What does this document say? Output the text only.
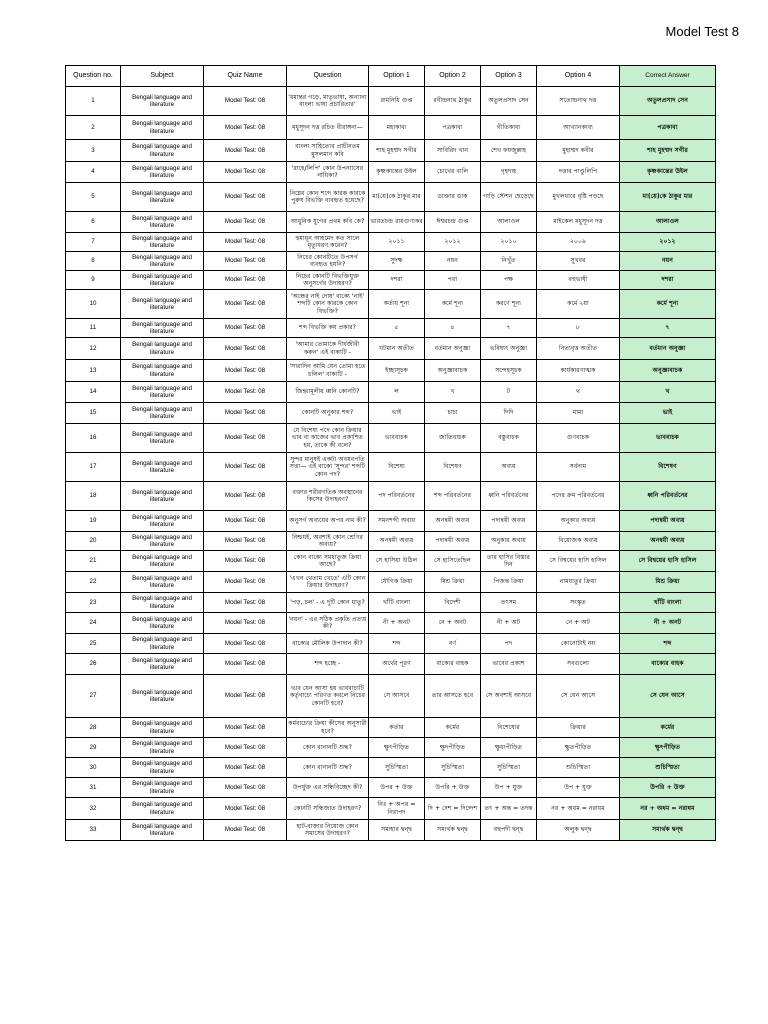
Model Test 8
Question no.	Subject	Quiz Name	Question	Option 1	Option 2	Option 3	Option 4	Correct Answer
1	Bengali language and literature	Model Test: 08	'ধমান্তর গড়ে, মাতৃভাষা, অন্যান্য বাংলা ভাষা প্রচারিতার'	রামনিধি গুপ্ত	রবীন্দ্রনাথ ঠাকুর	অতুলপ্রসাদ সেন	সত্যেন্দ্রনাথ দত্ত	অতুলপ্রসাদ সেন
2	Bengali language and literature	Model Test: 08	মধুসূদন দত্ত রচিত বীরাঙ্গনা—	মহাকাব্য	পত্রকাব্য	গীতিকাব্য	আখ্যানকাব্য	পত্রকাব্য
3	Bengali language and literature	Model Test: 08	বাংলা সাহিত্যের প্রাচীনতম মুসলমান কবি	শাহ মুহম্মদ সগীর	সাবিরিদ খান	শেখ ফয়জুল্লাহ	মুহাম্মদ কবীর	শাহ মুহম্মদ সগীর
4	Bengali language and literature	Model Test: 08	'রাহে/লিপি' কোন উপন্যাসের নায়িকা?	কৃষ্ণকান্তের উইল	চোখের বালি	গৃহদাহ	দত্তার পাণ্ডুলিপি	কৃষ্ণকান্তের উইল
5	Bengali language and literature	Model Test: 08	নিম্নের কোন শব্দে কারক কারকে পুরুষ বিভক্তি ব্যবহৃত হয়েছে?	মা(য়ে)কে ঠাকুর মার	ডাক্তার ডাক	গাড়ি স্টেশন ছেড়েছে	মুখলধারে বৃষ্টি পড়ছে	মা(য়ে)কে ঠাকুর মার
6	Bengali language and literature	Model Test: 08	আধুনিক যুগের প্রথম কবি কে?	ভারতচন্দ্র রায়গুণাকর	ঈশ্বরচন্দ্র গুপ্ত	আলাওল	মাইকেল মধুসূদন দত্ত	আলাওল
7	Bengali language and literature	Model Test: 08	হুমায়ূন আহমেদ কত সালে মৃত্যুবরণ করেন?	২০১১	২০১২	২০১০	২০০৯	২০১২
8	Bengali language and literature	Model Test: 08	নিচের কোনটিতে উপসর্গ ব্যবহৃত হয়নি?	সুদক্ষ	নয়ন	নিখুঁত	সুখবর	নয়ন
9	Bengali language and literature	Model Test: 08	নিচের কোনটি বিভক্তিযুক্ত অনুসর্গের উদাহরণ?	দশরা	পরা	পক্ষ	বহুভাষী	দশরা
10	Bengali language and literature	Model Test: 08	'অন্ধের নাই দোষ' বাক্যে 'নাই' শব্দটি কোন কারকে কোন বিভক্তি?	কর্তায় শূন্য	কর্মে শূন্য	করণে শূন্য	কর্মে ২য়া	কর্মে শূন্য
11	Bengali language and literature	Model Test: 08	শব্দ বিভক্তি কয় প্রকার?	৫	৪	৭	৮	৭
12	Bengali language and literature	Model Test: 08	'আমার তোমাকে দীর্ঘজীবী করুন' এই বাক্যটি -	ঘটমান অতীত	বর্তমান অনুজ্ঞা	ভবিষ্যৎ অনুজ্ঞা	নিত্যবৃত্ত অতীত	বর্তমান অনুজ্ঞা
13	Bengali language and literature	Model Test: 08	'সারাদিন আমি যেন তোমা হতে চলিল' বাক্যটি -	ইচ্ছাসূচক	অনুজ্ঞাবাচক	সন্দেহসূচক	কার্যকারণাত্মক	অনুজ্ঞাবাচক
14	Bengali language and literature	Model Test: 08	জিহ্বামূলীয় ধ্বনি কোনটি?	ল	খ	ট	থ	খ
15	Bengali language and literature	Model Test: 08	কোনটি অনুকার শব্দ?	ভাই	চাচা	দিদি	মামা	ভাই
16	Bengali language and literature	Model Test: 08	যে বিশেষ্য পদে কোন ক্রিয়ার ভাব বা কাজের ভাব প্রকাশিত হয়, তাকে কী বলে?	ভাববাচক	জাতিবাচক	বস্তুবাচক	গুণবাচক	ভাববাচক
17	Bengali language and literature	Model Test: 08	সুন্দর মানুষই একটা অবয়বপতি সত্তা— এই বাক্যে 'সুন্দর' শব্দটি কোন পদ?	বিশেষ্য	বিশেষণ	অব্যয়	সর্বনাম	বিশেষণ
18	Bengali language and literature	Model Test: 08	বক্তার শরীরগতিক অবস্থানের কিসের উদাহরণ?	পদ পরিবর্তনের	শব্দ পরিবর্তনের	ধ্বনি পরিবর্তনের	পদের ক্রম পরিবর্তনের	ধ্বনি পরিবর্তনের
19	Bengali language and literature	Model Test: 08	অনুসর্গ অব্যয়ের অপর নাম কী?	সমনশব্দী অব্যয়	অনন্বয়ী অব্যয়	পদান্বয়ী অব্যয়	অনুকার অব্যয়	পদান্বয়ী অব্যয়
20	Bengali language and literature	Model Test: 08	নিশ্চয়ই, অবশ্যই কোন শ্রেণির অব্যয়?	অনন্বয়ী অব্যয়	পদান্বয়ী অব্যয়	অনুকার অব্যয়	বিয়োজক অব্যয়	অনন্বয়ী অব্যয়
21	Bengali language and literature	Model Test: 08	কোন বাক্যে সমধাতুজ ক্রিয়া আছে?	সে হাসিয়া উঠিল	সে হাসিতেছিল	তার হাসির বিস্তার দিন	সে বিশ্বয়ের হাসি হাসিল	সে বিশ্বয়ের হাসি হাসিল
22	Bengali language and literature	Model Test: 08	'এখন থেতাম খেতে' এটি কোন ক্রিয়ার উদাহরণ?	যৌগিক ক্রিয়া	মিশ্র ক্রিয়া	পিজন্ত ক্রিয়া	নামধাতুর ক্রিয়া	মিশ্র ক্রিয়া
23	Bengali language and literature	Model Test: 08	'পড়, চল' - এ দুটি কোন ধাতু?	খাঁটি বাংলা	বিদেশী	তৎসম	সংস্কৃত	খাঁটি বাংলা
24	Bengali language and literature	Model Test: 08	'নয়ন' - এর সঠিক প্রকৃতি প্রত্যয় কী?	নী + অনট	নে + অনট	নী + অট	নে + অট	নী + অনট
25	Bengali language and literature	Model Test: 08	বাক্যের মৌলিক উপাদান কী?	শব্দ	বর্ণ	পদ	কোনোটাই নয়	শব্দ
26	Bengali language and literature	Model Test: 08	শব্দ হচ্ছে -	অর্থের পূরণ	বাক্যের বাহক	ভাবের প্রকাশ	সবগুলো	বাক্যের বাহক
27	Bengali language and literature	Model Test: 08	ভাব যেন আসা হয় ভাববাচ্যটি কর্তৃবাচ্যে পরিণত করলে নিচের কোনটি হবে?	সে আসবে	তার আসতে হবে	সে অবশ্যই আসবে	সে যেন আসে	সে যেন আসে
28	Bengali language and literature	Model Test: 08	কর্মবাচ্যের ক্রিয়া কীসের অনুসারী হবে?	কর্তার	কর্মের	বিশেষ্যের	ক্রিয়ার	কর্মের
29	Bengali language and literature	Model Test: 08	কোন বানানটি শুদ্ধ?	ক্ষুৎপীড়িত	ক্ষুদপীড়িত	ক্ষুধাপীড়িত	ক্ষুতপীড়িত	ক্ষুৎপীড়িত
30	Bengali language and literature	Model Test: 08	কোন বানানটি শুদ্ধ?	সুচিস্মিতা	সুচিস্মিতা	সুচিস্মিতা	শুচিস্মিতা	শুচিস্মিতা
31	Bengali language and literature	Model Test: 08	উপর্যুক্ত এর সন্ধিবিচ্ছেদ কী?	উপর + উক্ত	উপরি + উক্ত	উপ + যুক্ত	উপ + যুক্ত	উপরি + উক্ত
32	Bengali language and literature	Model Test: 08	কোনটি সন্ধিজাত উদাহরণ?	নিঃ + অপর = নিরাপদ	দি + দেশ = দিগ্দেশ	তৎ + অন্ত = তদন্ত	নর + অধম = নরাধম	নর + অধম = নরাধম
33	Bengali language and literature	Model Test: 08	হাট-বাজার নিয়োজ কোন সমাসের উদাহরণ?	সমাহার দ্বন্দ্ব	সমার্থক দ্বন্দ্ব	বহুপদী দ্বন্দ্ব	অলুক দ্বন্দ্ব	সমার্থক দ্বন্দ্ব
